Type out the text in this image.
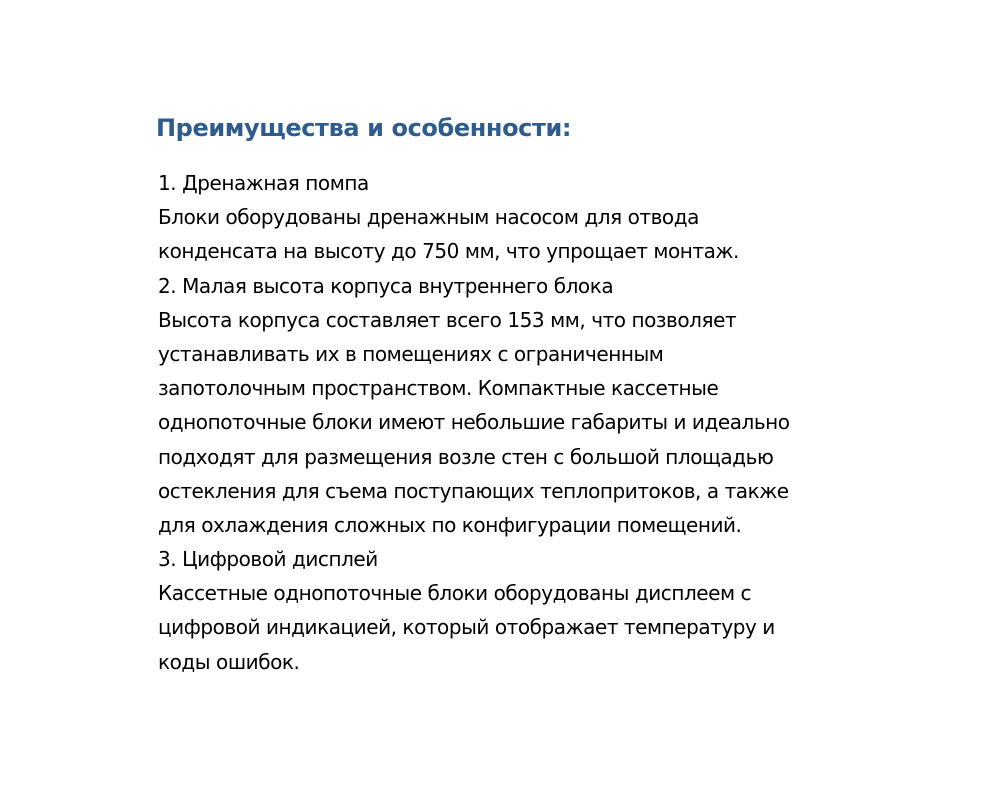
Преимущества и особенности:
1. Дренажная помпа
Блоки оборудованы дренажным насосом для отвода
конденсата на высоту до 750 мм, что упрощает монтаж.
2. Малая высота корпуса внутреннего блока
Высота корпуса составляет всего 153 мм, что позволяет
устанавливать их в помещениях с ограниченным
запотолочным пространством. Компактные кассетные
однопоточные блоки имеют небольшие габариты и идеально
подходят для размещения возле стен с большой площадью
остекления для съема поступающих теплопритоков, а также
для охлаждения сложных по конфигурации помещений.
3. Цифровой дисплей
Кассетные однопоточные блоки оборудованы дисплеем с
цифровой индикацией, который отображает температуру и
коды ошибок.
